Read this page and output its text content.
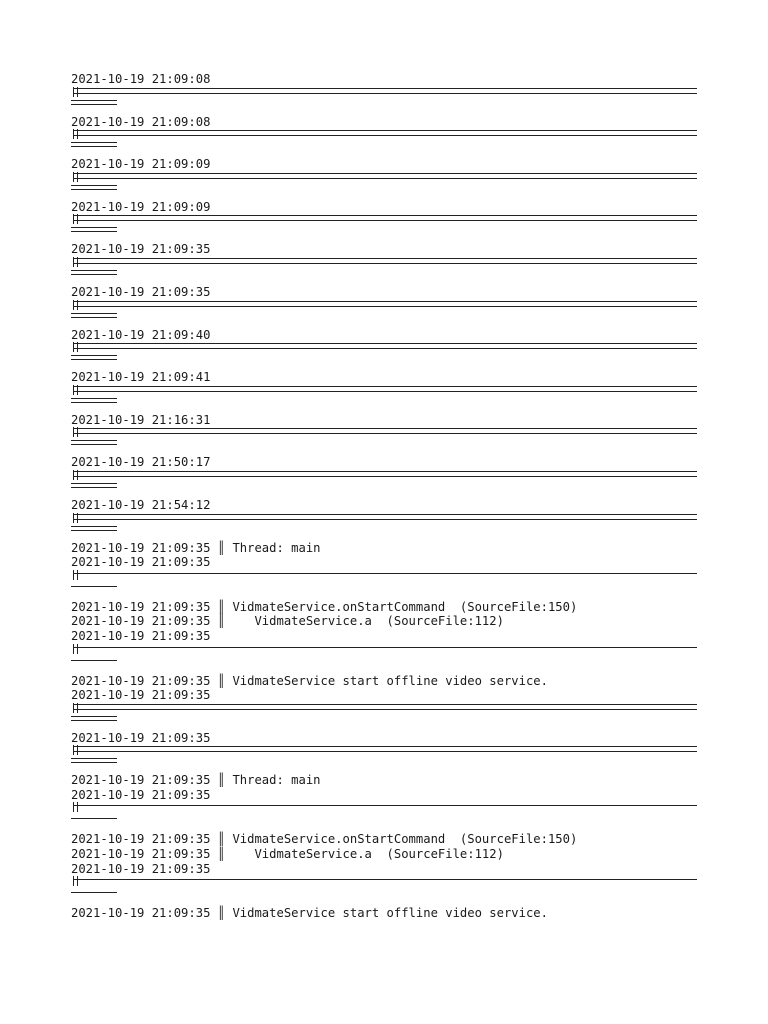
2021-10-19 21:09:08
2021-10-19 21:09:08
2021-10-19 21:09:09
2021-10-19 21:09:09
2021-10-19 21:09:35
2021-10-19 21:09:35
2021-10-19 21:09:40
2021-10-19 21:09:41
2021-10-19 21:16:31
2021-10-19 21:50:17
2021-10-19 21:54:12
2021-10-19 21:09:35 ║ Thread: main
2021-10-19 21:09:35
2021-10-19 21:09:35 ║ VidmateService.onStartCommand  (SourceFile:150)
2021-10-19 21:09:35 ║    VidmateService.a  (SourceFile:112)
2021-10-19 21:09:35
2021-10-19 21:09:35 ║ VidmateService start offline video service.
2021-10-19 21:09:35
2021-10-19 21:09:35
2021-10-19 21:09:35 ║ Thread: main
2021-10-19 21:09:35
2021-10-19 21:09:35 ║ VidmateService.onStartCommand  (SourceFile:150)
2021-10-19 21:09:35 ║    VidmateService.a  (SourceFile:112)
2021-10-19 21:09:35
2021-10-19 21:09:35 ║ VidmateService start offline video service.
